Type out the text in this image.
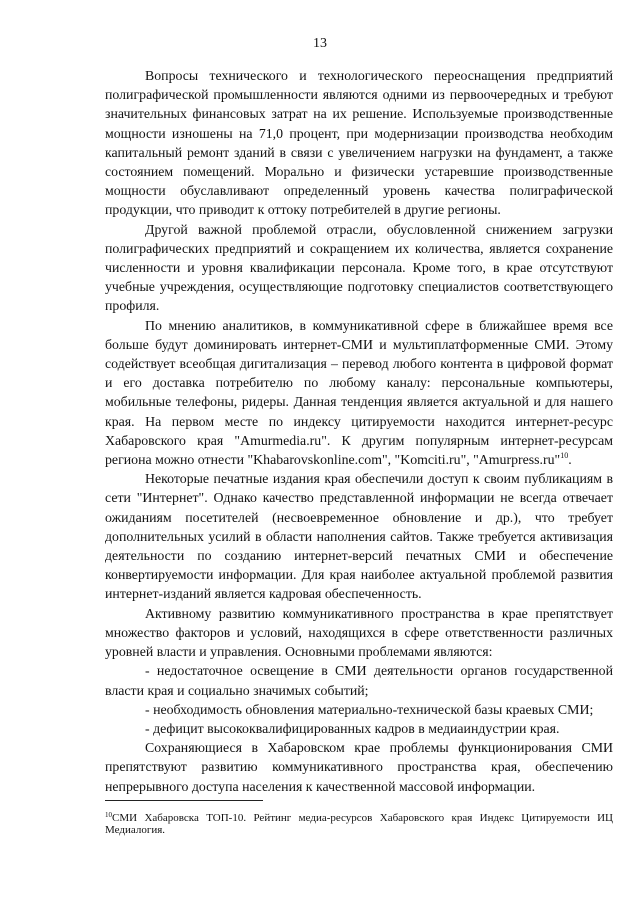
13

Вопросы технического и технологического переоснащения предприятий полиграфической промышленности являются одними из первоочередных и требуют значительных финансовых затрат на их решение. Используемые производственные мощности изношены на 71,0 процент, при модернизации производства необходим капитальный ремонт зданий в связи с увеличением нагрузки на фундамент, а также состоянием помещений. Морально и физически устаревшие производственные мощности обуславливают определенный уровень качества полиграфической продукции, что приводит к оттоку потребителей в другие регионы.

Другой важной проблемой отрасли, обусловленной снижением загрузки полиграфических предприятий и сокращением их количества, является сохранение численности и уровня квалификации персонала. Кроме того, в крае отсутствуют учебные учреждения, осуществляющие подготовку специалистов соответствующего профиля.

По мнению аналитиков, в коммуникативной сфере в ближайшее время все больше будут доминировать интернет-СМИ и мультиплатформенные СМИ. Этому содействует всеобщая дигитализация – перевод любого контента в цифровой формат и его доставка потребителю по любому каналу: персональные компьютеры, мобильные телефоны, ридеры. Данная тенденция является актуальной и для нашего края. На первом месте по индексу цитируемости находится интернет-ресурс Хабаровского края "Amurmedia.ru". К другим популярным интернет-ресурсам региона можно отнести "Khabarovskonline.com", "Komciti.ru", "Amurpress.ru"$^{10}$.

Некоторые печатные издания края обеспечили доступ к своим публикациям в сети "Интернет". Однако качество представленной информации не всегда отвечает ожиданиям посетителей (несвоевременное обновление и др.), что требует дополнительных усилий в области наполнения сайтов. Также требуется активизация деятельности по созданию интернет-версий печатных СМИ и обеспечение конвертируемости информации. Для края наиболее актуальной проблемой развития интернет-изданий является кадровая обеспеченность.

Активному развитию коммуникативного пространства в крае препятствует множество факторов и условий, находящихся в сфере ответственности различных уровней власти и управления. Основными проблемами являются:

- недостаточное освещение в СМИ деятельности органов государственной власти края и социально значимых событий;

- необходимость обновления материально-технической базы краевых СМИ;

- дефицит высококвалифицированных кадров в медиаиндустрии края.

Сохраняющиеся в Хабаровском крае проблемы функционирования СМИ препятствуют развитию коммуникативного пространства края, обеспечению непрерывного доступа населения к качественной массовой информации.

$^{10}$СМИ Хабаровска ТОП-10. Рейтинг медиа-ресурсов Хабаровского края Индекс Цитируемости ИЦ Медиалогия.
